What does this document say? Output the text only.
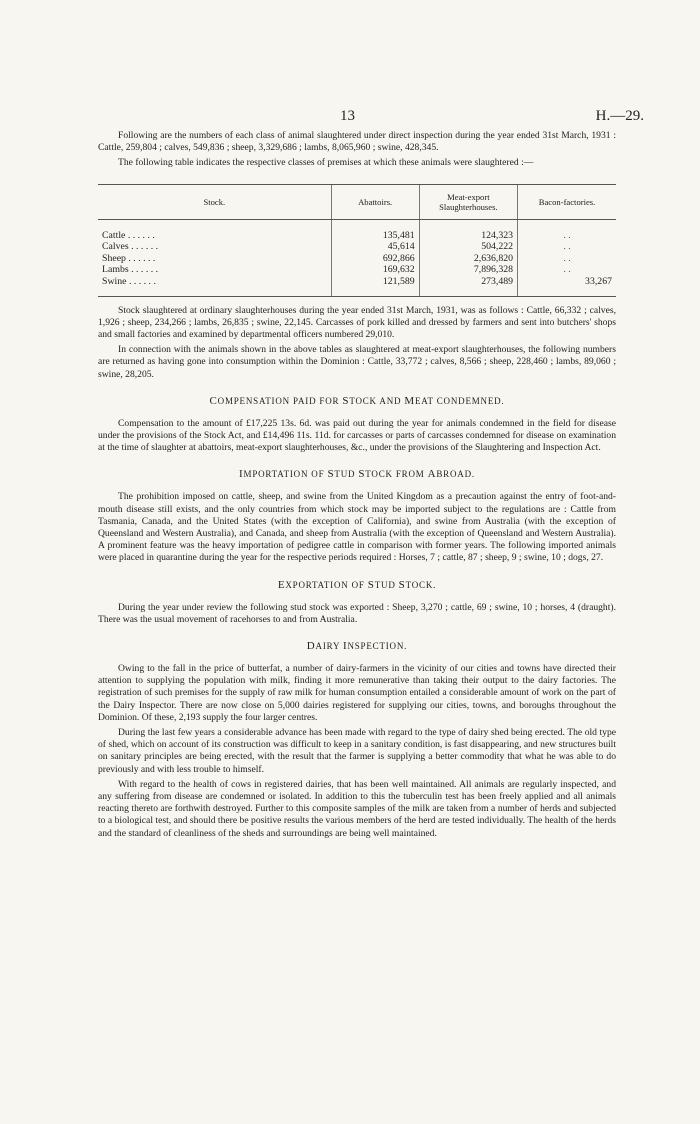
13	H.—29.

Following are the numbers of each class of animal slaughtered under direct inspection during the year ended 31st March, 1931 : Cattle, 259,804 ; calves, 549,836 ; sheep, 3,329,686 ; lambs, 8,065,960 ; swine, 428,345.

The following table indicates the respective classes of premises at which these animals were slaughtered :—

Stock.	Abattoirs.	Meat-export Slaughterhouses.	Bacon-factories.

Cattle . . . . . .	135,481	124,323	. .
Calves . . . . . .	45,614	504,222	. .
Sheep . . . . . .	692,866	2,636,820	. .
Lambs . . . . . .	169,632	7,896,328	. .
Swine . . . . . .	121,589	273,489	33,267

Stock slaughtered at ordinary slaughterhouses during the year ended 31st March, 1931, was as follows : Cattle, 66,332 ; calves, 1,926 ; sheep, 234,266 ; lambs, 26,835 ; swine, 22,145. Carcasses of pork killed and dressed by farmers and sent into butchers' shops and small factories and examined by departmental officers numbered 29,010.

In connection with the animals shown in the above tables as slaughtered at meat-export slaughterhouses, the following numbers are returned as having gone into consumption within the Dominion : Cattle, 33,772 ; calves, 8,566 ; sheep, 228,460 ; lambs, 89,060 ; swine, 28,205.

COMPENSATION PAID FOR STOCK AND MEAT CONDEMNED.

Compensation to the amount of £17,225 13s. 6d. was paid out during the year for animals condemned in the field for disease under the provisions of the Stock Act, and £14,496 11s. 11d. for carcasses or parts of carcasses condemned for disease on examination at the time of slaughter at abattoirs, meat-export slaughterhouses, &c., under the provisions of the Slaughtering and Inspection Act.

IMPORTATION OF STUD STOCK FROM ABROAD.

The prohibition imposed on cattle, sheep, and swine from the United Kingdom as a precaution against the entry of foot-and-mouth disease still exists, and the only countries from which stock may be imported subject to the regulations are : Cattle from Tasmania, Canada, and the United States (with the exception of California), and swine from Australia (with the exception of Queensland and Western Australia), and Canada, and sheep from Australia (with the exception of Queensland and Western Australia). A prominent feature was the heavy importation of pedigree cattle in comparison with former years. The following imported animals were placed in quarantine during the year for the respective periods required : Horses, 7 ; cattle, 87 ; sheep, 9 ; swine, 10 ; dogs, 27.

EXPORTATION OF STUD STOCK.

During the year under review the following stud stock was exported : Sheep, 3,270 ; cattle, 69 ; swine, 10 ; horses, 4 (draught). There was the usual movement of racehorses to and from Australia.

DAIRY INSPECTION.

Owing to the fall in the price of butterfat, a number of dairy-farmers in the vicinity of our cities and towns have directed their attention to supplying the population with milk, finding it more remunerative than taking their output to the dairy factories. The registration of such premises for the supply of raw milk for human consumption entailed a considerable amount of work on the part of the Dairy Inspector. There are now close on 5,000 dairies registered for supplying our cities, towns, and boroughs throughout the Dominion. Of these, 2,193 supply the four larger centres.

During the last few years a considerable advance has been made with regard to the type of dairy shed being erected. The old type of shed, which on account of its construction was difficult to keep in a sanitary condition, is fast disappearing, and new structures built on sanitary principles are being erected, with the result that the farmer is supplying a better commodity that what he was able to do previously and with less trouble to himself.

With regard to the health of cows in registered dairies, that has been well maintained. All animals are regularly inspected, and any suffering from disease are condemned or isolated. In addition to this the tuberculin test has been freely applied and all animals reacting thereto are forthwith destroyed. Further to this composite samples of the milk are taken from a number of herds and subjected to a biological test, and should there be positive results the various members of the herd are tested individually. The health of the herds and the standard of cleanliness of the sheds and surroundings are being well maintained.
